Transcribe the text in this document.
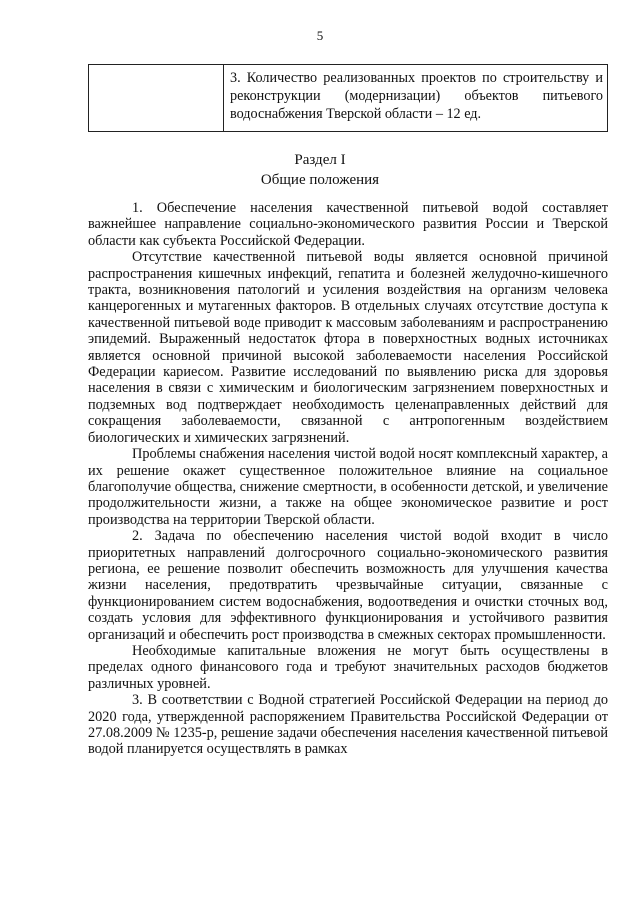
5
	3. Количество реализованных проектов по строительству и реконструкции (модернизации) объектов питьевого водоснабжения Тверской области – 12 ед.
Раздел I
Общие положения

1. Обеспечение населения качественной питьевой водой составляет важнейшее направление социально-экономического развития России и Тверской области как субъекта Российской Федерации.

Отсутствие качественной питьевой воды является основной причиной распространения кишечных инфекций, гепатита и болезней желудочно-кишечного тракта, возникновения патологий и усиления воздействия на организм человека канцерогенных и мутагенных факторов. В отдельных случаях отсутствие доступа к качественной питьевой воде приводит к массовым заболеваниям и распространению эпидемий. Выраженный недостаток фтора в поверхностных водных источниках является основной причиной высокой заболеваемости населения Российской Федерации кариесом. Развитие исследований по выявлению риска для здоровья населения в связи с химическим и биологическим загрязнением поверхностных и подземных вод подтверждает необходимость целенаправленных действий для сокращения заболеваемости, связанной с антропогенным воздействием биологических и химических загрязнений.

Проблемы снабжения населения чистой водой носят комплексный характер, а их решение окажет существенное положительное влияние на социальное благополучие общества, снижение смертности, в особенности детской, и увеличение продолжительности жизни, а также на общее экономическое развитие и рост производства на территории Тверской области.

2. Задача по обеспечению населения чистой водой входит в число приоритетных направлений долгосрочного социально-экономического развития региона, ее решение позволит обеспечить возможность для улучшения качества жизни населения, предотвратить чрезвычайные ситуации, связанные с функционированием систем водоснабжения, водоотведения и очистки сточных вод, создать условия для эффективного функционирования и устойчивого развития организаций и обеспечить рост производства в смежных секторах промышленности.

Необходимые капитальные вложения не могут быть осуществлены в пределах одного финансового года и требуют значительных расходов бюджетов различных уровней.

3. В соответствии с Водной стратегией Российской Федерации на период до 2020 года, утвержденной распоряжением Правительства Российской Федерации от 27.08.2009 № 1235-р, решение задачи обеспечения населения качественной питьевой водой планируется осуществлять в рамках
